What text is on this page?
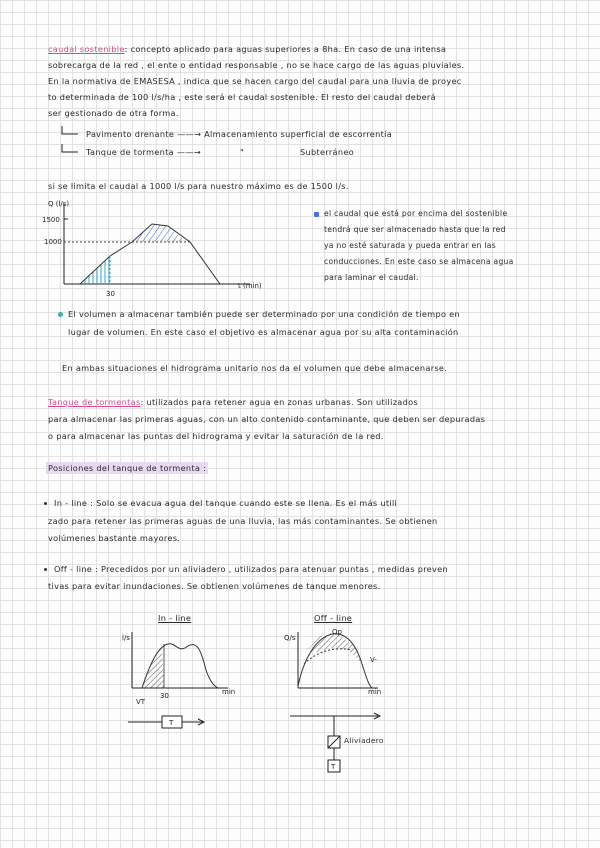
caudal sostenible: concepto aplicado para aguas superiores a 8ha. En caso de una intensa
sobrecarga de la red , el ente o entidad responsable , no se hace cargo de las aguas pluviales.
En la normativa de EMASESA , indica que se hacen cargo del caudal para una lluvia de proyec
to determinada de 100 l/s/ha , este será el caudal sostenible. El resto del caudal deberá
ser gestionado de otra forma.
Pavimento drenante ——→ Almacenamiento superficial de escorrentía
Tanque de tormenta ——→	"	Subterráneo
si se limita el caudal a 1000 l/s para nuestro máximo es de 1500 l/s.
Q (l/s)
1500
1000
30
t (min)
el caudal que está por encima del sostenible
tendrá que ser almacenado hasta que la red
ya no esté saturada y pueda entrar en las
conducciones. En este caso se almacena agua
para laminar el caudal.
El volumen a almacenar también puede ser determinado por una condición de tiempo en
lugar de volumen. En este caso el objetivo es almacenar agua por su alta contaminación
En ambas situaciones el hidrograma unitario nos da el volumen que debe almacenarse.
Tanque de tormentas: utilizados para retener agua en zonas urbanas. Son utilizados
para almacenar las primeras aguas, con un alto contenido contaminante, que deben ser depuradas
o para almacenar las puntas del hidrograma y evitar la saturación de la red.
Posiciones del tanque de tormenta :
In - line : Solo se evacua agua del tanque cuando este se llena. Es el más utili
zado para retener las primeras aguas de una lluvia, las más contaminantes. Se obtienen
volúmenes bastante mayores.
Off - line : Precedidos por un aliviadero , utilizados para atenuar puntas , medidas preven
tivas para evitar inundaciones. Se obtienen volúmenes de tanque menores.
In - line
l/s
30	min
VT
T
Off - line
Q/s
Qp
V-
min
T
Aliviadero
